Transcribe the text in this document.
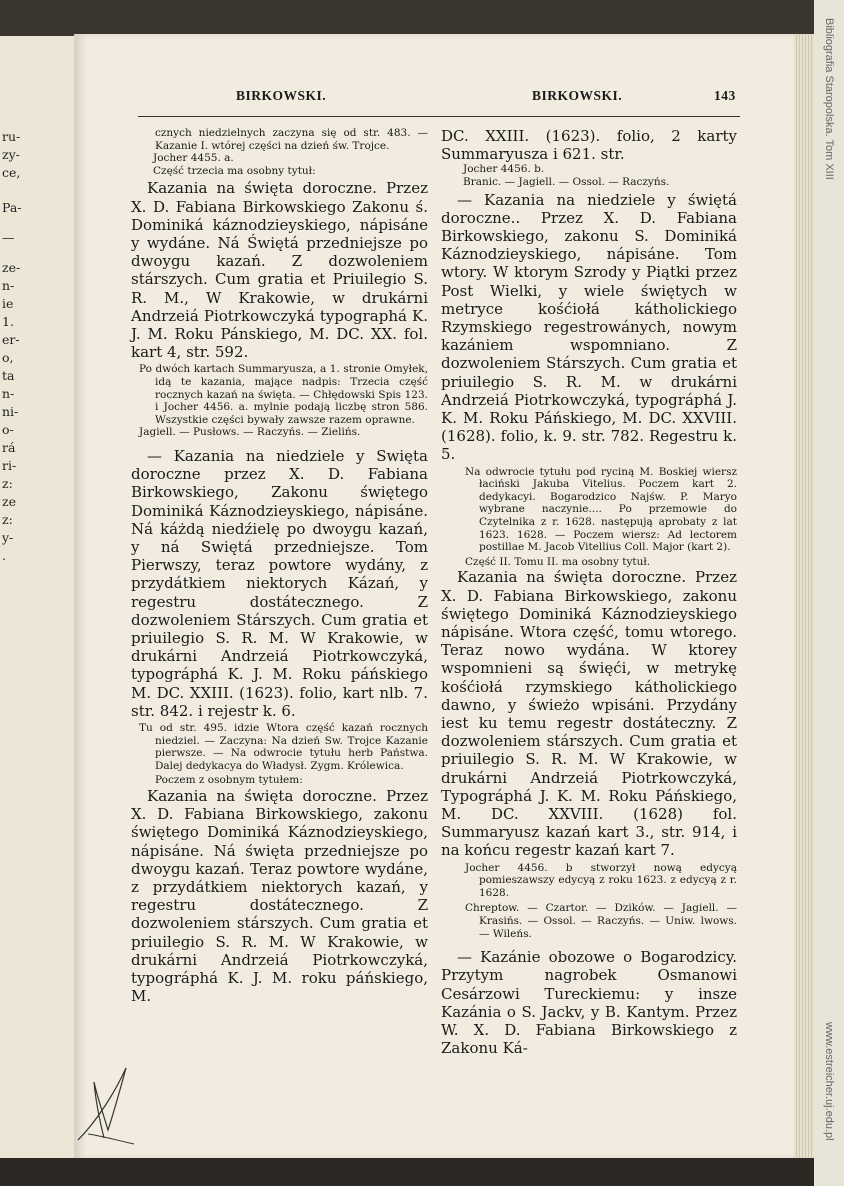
ru-
zy-
ce,
Pa-
—
ze-
n-
ie
1.
er-
o,
ta
n-
ni-
o-
rá
ri-
z:
ze
z:
y-
.
Bibliografia Staropolska. Tom XIII
www.estreicher.uj.edu.pl
BIRKOWSKI.	BIRKOWSKI.	143

cznych niedzielnych zaczyna się od str. 483. — Kazanie I. wtórej części na dzień św. Trojce.

Jocher 4455. a.

Część trzecia ma osobny tytuł:

Kazania na święta doroczne. Przez X. D. Fabiana Birkowskiego Zakonu ś. Dominiká káznodzieyskiego, nápisáne y wydáne. Ná Świętá przedniejsze po dwoygu kazań. Z dozwoleniem stárszych. Cum gratia et Priuilegio S. R. M., W Krakowie, w drukárni Andrzeiá Piotrkowczyká typographá K. J. M. Roku Pánskiego, M. DC. XX. fol. kart 4, str. 592.

Po dwóch kartach Summaryusza, a 1. stronie Omyłek, idą te kazania, mające nadpis: Trzecia część rocznych kazań na święta. — Chłędowski Spis 123. i Jocher 4456. a. mylnie podają liczbę stron 586. Wszystkie części bywały zawsze razem oprawne.

Jagiell. — Pusłows. — Raczyńs. — Zielińs.

— Kazania na niedziele y Swięta doroczne przez X. D. Fabiana Birkowskiego, Zakonu świętego Dominiká Káznodzieyskiego, nápisáne. Ná káżdą niedźielę po dwoygu kazań, y ná Swiętá przedniejsze. Tom Pierwszy, teraz powtore wydány, z przydátkiem niektorych Kázań, y regestru dostátecznego. Z dozwoleniem Stárszych. Cum gratia et priuilegio S. R. M. W Krakowie, w drukárni Andrzeiá Piotrkowczyká, typográphá K. J. M. Roku páńskiego M. DC. XXIII. (1623). folio, kart nlb. 7. str. 842. i rejestr k. 6.

Tu od str. 495. idzie Wtora część kazań rocznych niedziel. — Zaczyna: Na dzień Sw. Trojce Kazanie pierwsze. — Na odwrocie tytułu herb Państwa. Dalej dedykacya do Władysł. Zygm. Królewica.

Poczem z osobnym tytułem:

Kazania na święta doroczne. Przez X. D. Fabiana Birkowskiego, zakonu świętego Dominiká Káznodzieyskiego, nápisáne. Ná święta przedniejsze po dwoygu kazań. Teraz powtore wydáne, z przydátkiem niektorych kazań, y regestru dostátecznego. Z dozwoleniem stárszych. Cum gratia et priuilegio S. R. M. W Krakowie, w drukárni Andrzeiá Piotrkowczyká, typográphá K. J. M. roku páńskiego, M.

DC. XXIII. (1623). folio, 2 karty Summaryusza i 621. str.

Jocher 4456. b.

Branic. — Jagiell. — Ossol. — Raczyńs.

— Kazania na niedziele y świętá doroczne.. Przez X. D. Fabiana Birkowskiego, zakonu S. Dominiká Káznodzieyskiego, nápisáne. Tom wtory. W ktorym Szrody y Piątki przez Post Wielki, y wiele świętych w metryce kośćiołá kátholickiego Rzymskiego regestrowánych, nowym kazániem wspomniano. Z dozwoleniem Stárszych. Cum gratia et priuilegio S. R. M. w drukárni Andrzeiá Piotrkowczyká, typográphá J. K. M. Roku Páńskiego, M. DC. XXVIII. (1628). folio, k. 9. str. 782. Regestru k. 5.

Na odwrocie tytułu pod ryciną M. Boskiej wiersz łaciński Jakuba Vitelius. Poczem kart 2. dedykacyi. Bogarodzico Najśw. P. Maryo wybrane naczynie.... Po przemowie do Czytelnika z r. 1628. następują aprobaty z lat 1623. 1628. — Poczem wiersz: Ad lectorem postillae M. Jacob Vitellius Coll. Major (kart 2).

Część II. Tomu II. ma osobny tytuł.

Kazania na święta doroczne. Przez X. D. Fabiana Birkowskiego, zakonu świętego Dominiká Káznodzieyskiego nápisáne. Wtora część, tomu wtorego. Teraz nowo wydána. W ktorey wspomnieni są święći, w metrykę kośćiołá rzymskiego kátholickiego dawno, y świeżo wpisáni. Przydány iest ku temu regestr dostáteczny. Z dozwoleniem stárszych. Cum gratia et priuilegio S. R. M. W Krakowie, w drukárni Andrzeiá Piotrkowczyká, Typográphá J. K. M. Roku Páńskiego, M. DC. XXVIII. (1628) fol. Summaryusz kazań kart 3., str. 914, i na końcu regestr kazań kart 7.

Jocher 4456. b stworzył nową edycyą pomieszawszy edycyą z roku 1623. z edycyą z r. 1628.

Chreptow. — Czartor. — Dzików. — Jagiell. — Krasińs. — Ossol. — Raczyńs. — Uniw. lwows. — Wileńs.

— Kazánie obozowe o Bogarodzicy. Przytym nagrobek Osmanowi Cesárzowi Tureckiemu: y insze Kazánia o S. Jackv, y B. Kantym. Przez W. X. D. Fabiana Birkowskiego z Zakonu Ká-
